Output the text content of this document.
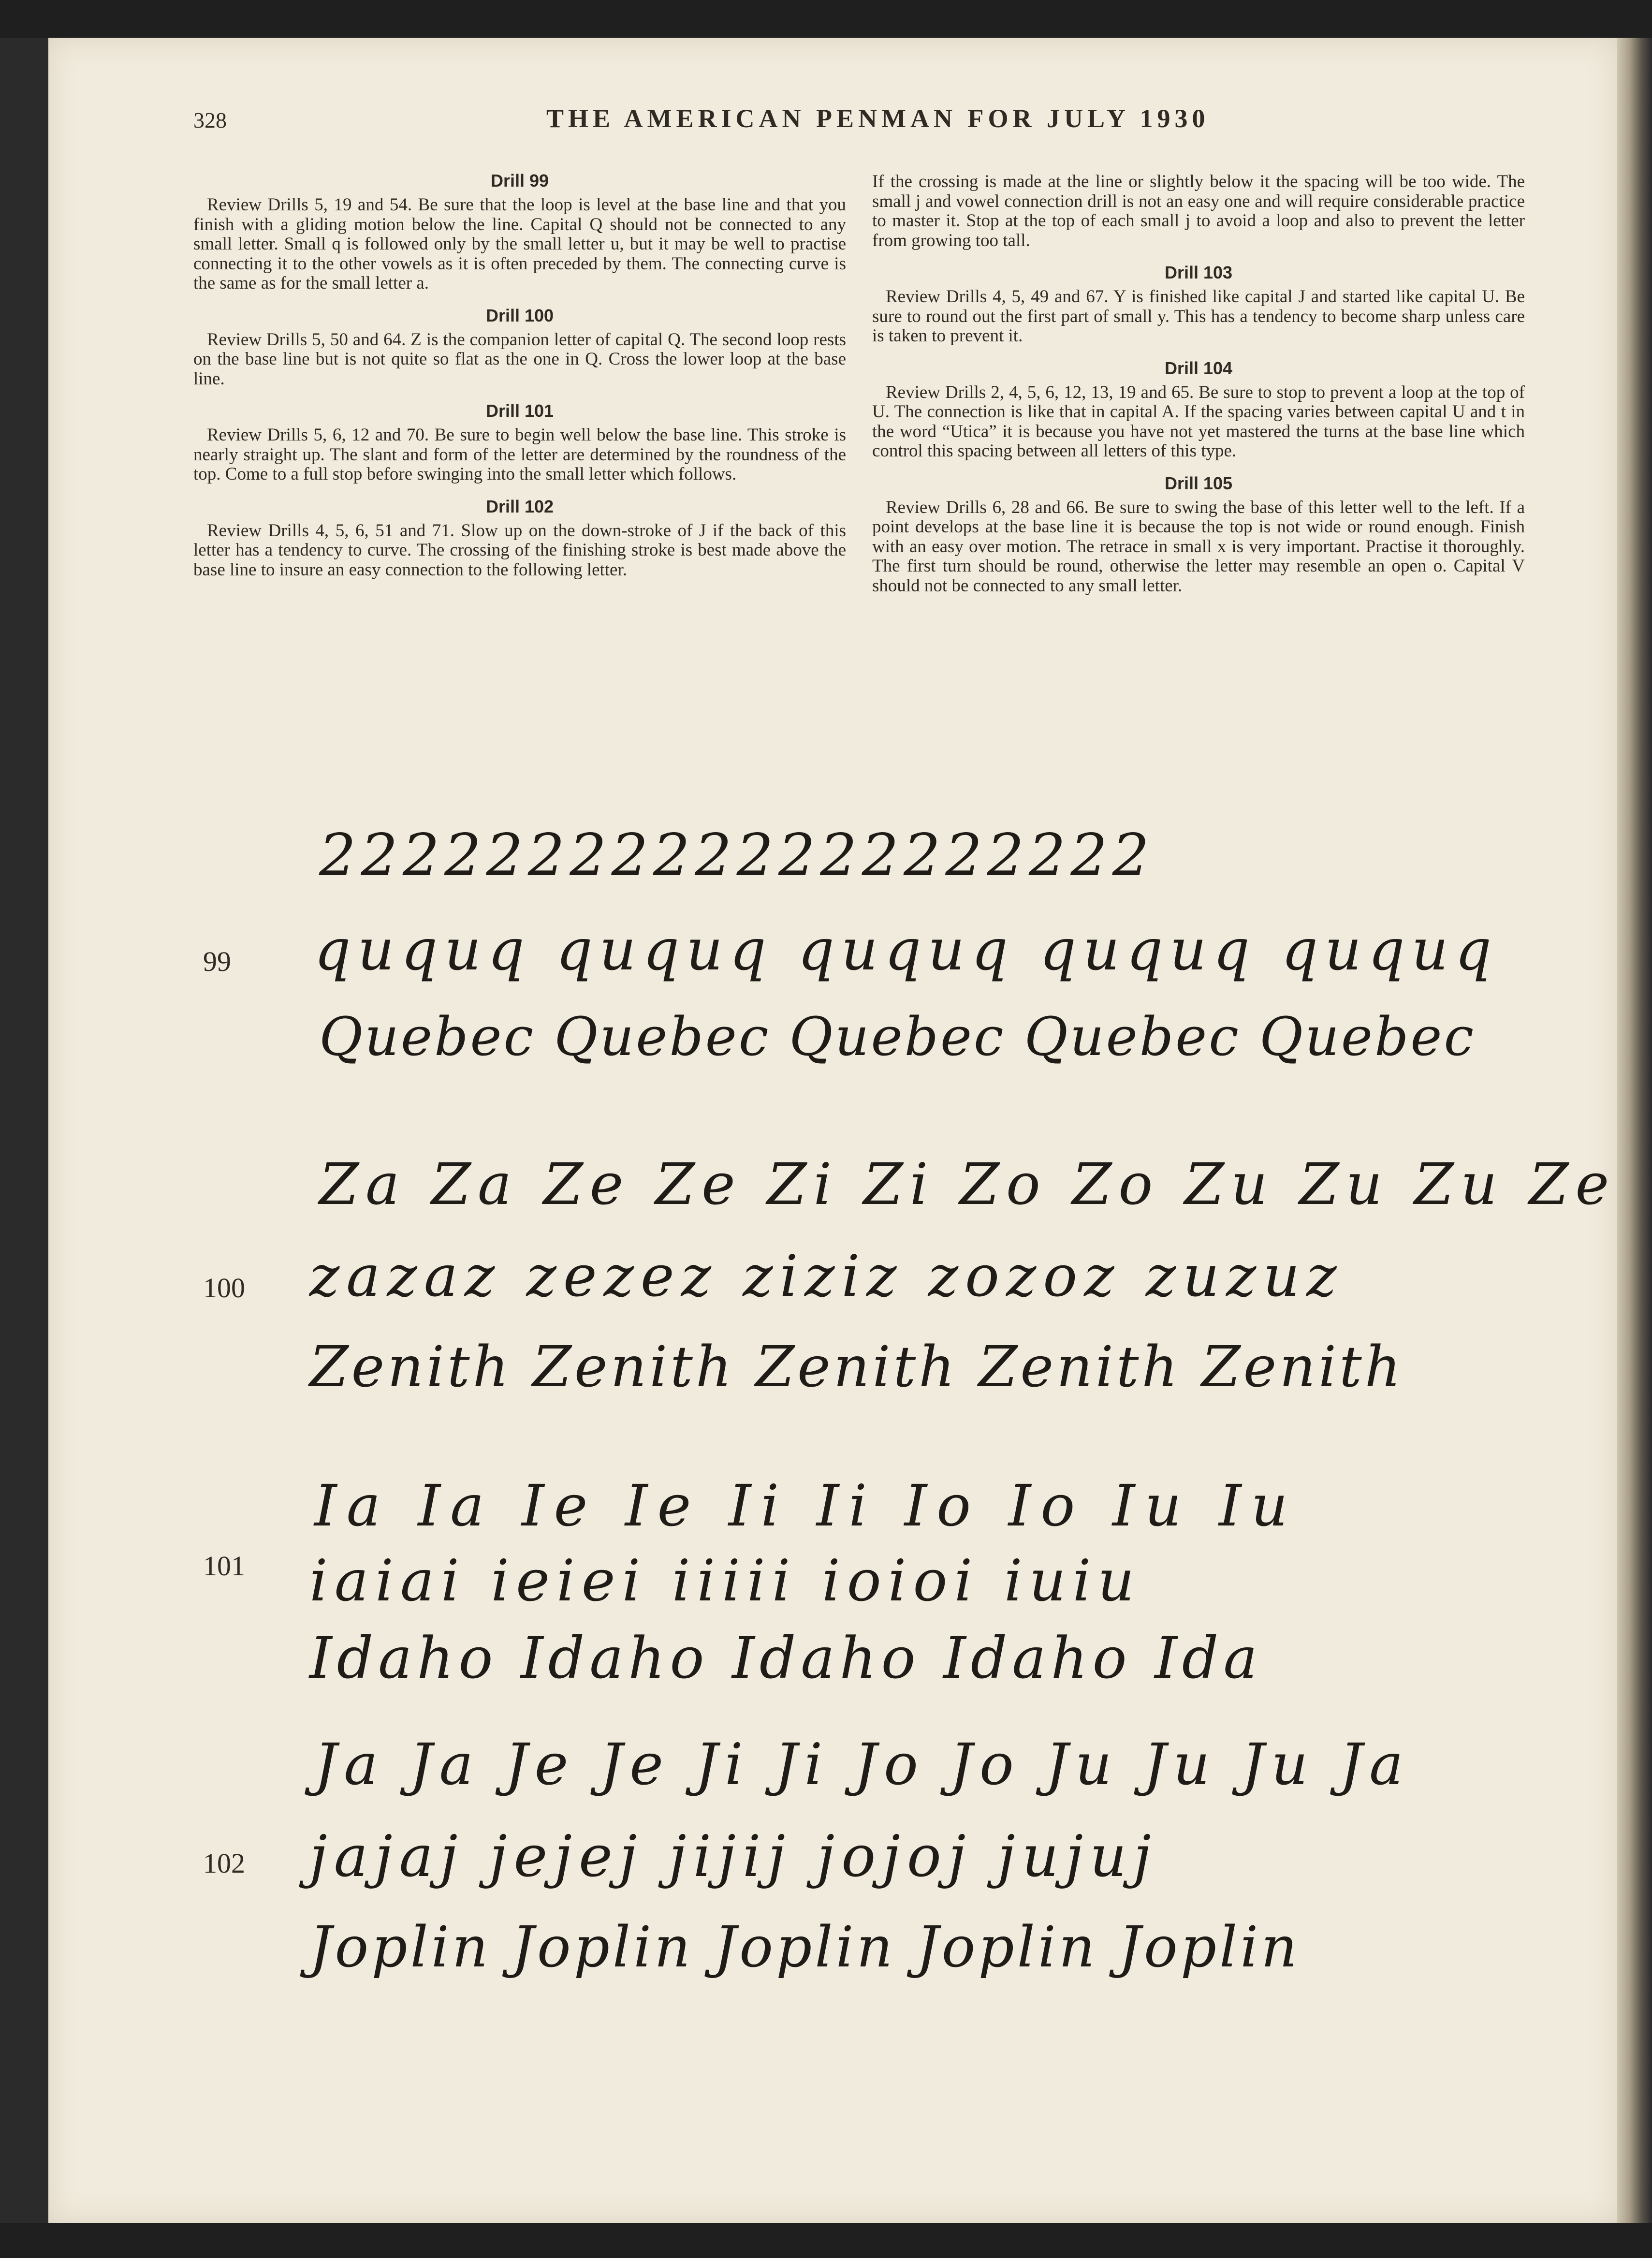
328	THE AMERICAN PENMAN FOR JULY 1930
Drill 99

Review Drills 5, 19 and 54. Be sure that the loop is level at the base line and that you finish with a gliding motion below the line. Capital Q should not be connected to any small letter. Small q is followed only by the small letter u, but it may be well to practise connecting it to the other vowels as it is often preceded by them. The connecting curve is the same as for the small letter a.

Drill 100

Review Drills 5, 50 and 64. Z is the companion letter of capital Q. The second loop rests on the base line but is not quite so flat as the one in Q. Cross the lower loop at the base line.

Drill 101

Review Drills 5, 6, 12 and 70. Be sure to begin well below the base line. This stroke is nearly straight up. The slant and form of the letter are determined by the roundness of the top. Come to a full stop before swinging into the small letter which follows.

Drill 102

Review Drills 4, 5, 6, 51 and 71. Slow up on the down-stroke of J if the back of this letter has a tendency to curve. The crossing of the finishing stroke is best made above the base line to insure an easy connection to the following letter.

If the crossing is made at the line or slightly below it the spacing will be too wide. The small j and vowel connection drill is not an easy one and will require considerable practice to master it. Stop at the top of each small j to avoid a loop and also to prevent the letter from growing too tall.

Drill 103

Review Drills 4, 5, 49 and 67. Y is finished like capital J and started like capital U. Be sure to round out the first part of small y. This has a tendency to become sharp unless care is taken to prevent it.

Drill 104

Review Drills 2, 4, 5, 6, 12, 13, 19 and 65. Be sure to stop to prevent a loop at the top of U. The connection is like that in capital A. If the spacing varies between capital U and t in the word “Utica” it is because you have not yet mastered the turns at the base line which control this spacing between all letters of this type.

Drill 105

Review Drills 6, 28 and 66. Be sure to swing the base of this letter well to the left. If a point develops at the base line it is because the top is not wide or round enough. Finish with an easy over motion. The retrace in small x is very important. Practise it thoroughly. The first turn should be round, otherwise the letter may resemble an open o. Capital V should not be connected to any small letter.

99
22222222222222222222
ququq ququq ququq ququq ququq
Quebec Quebec Quebec Quebec Quebec
100
Za Za Ze Ze Zi Zi Zo Zo Zu Zu Zu Ze
zazaz zezez ziziz zozoz zuzuz
Zenith Zenith Zenith Zenith Zenith
101
Ia Ia Ie Ie Ii Ii Io Io Iu Iu
iaiai ieiei iiiii ioioi iuiu
Idaho Idaho Idaho Idaho Ida
102
Ja Ja Je Je Ji Ji Jo Jo Ju Ju Ju Ja
jajaj jejej jijij jojoj jujuj
Joplin Joplin Joplin Joplin Joplin
